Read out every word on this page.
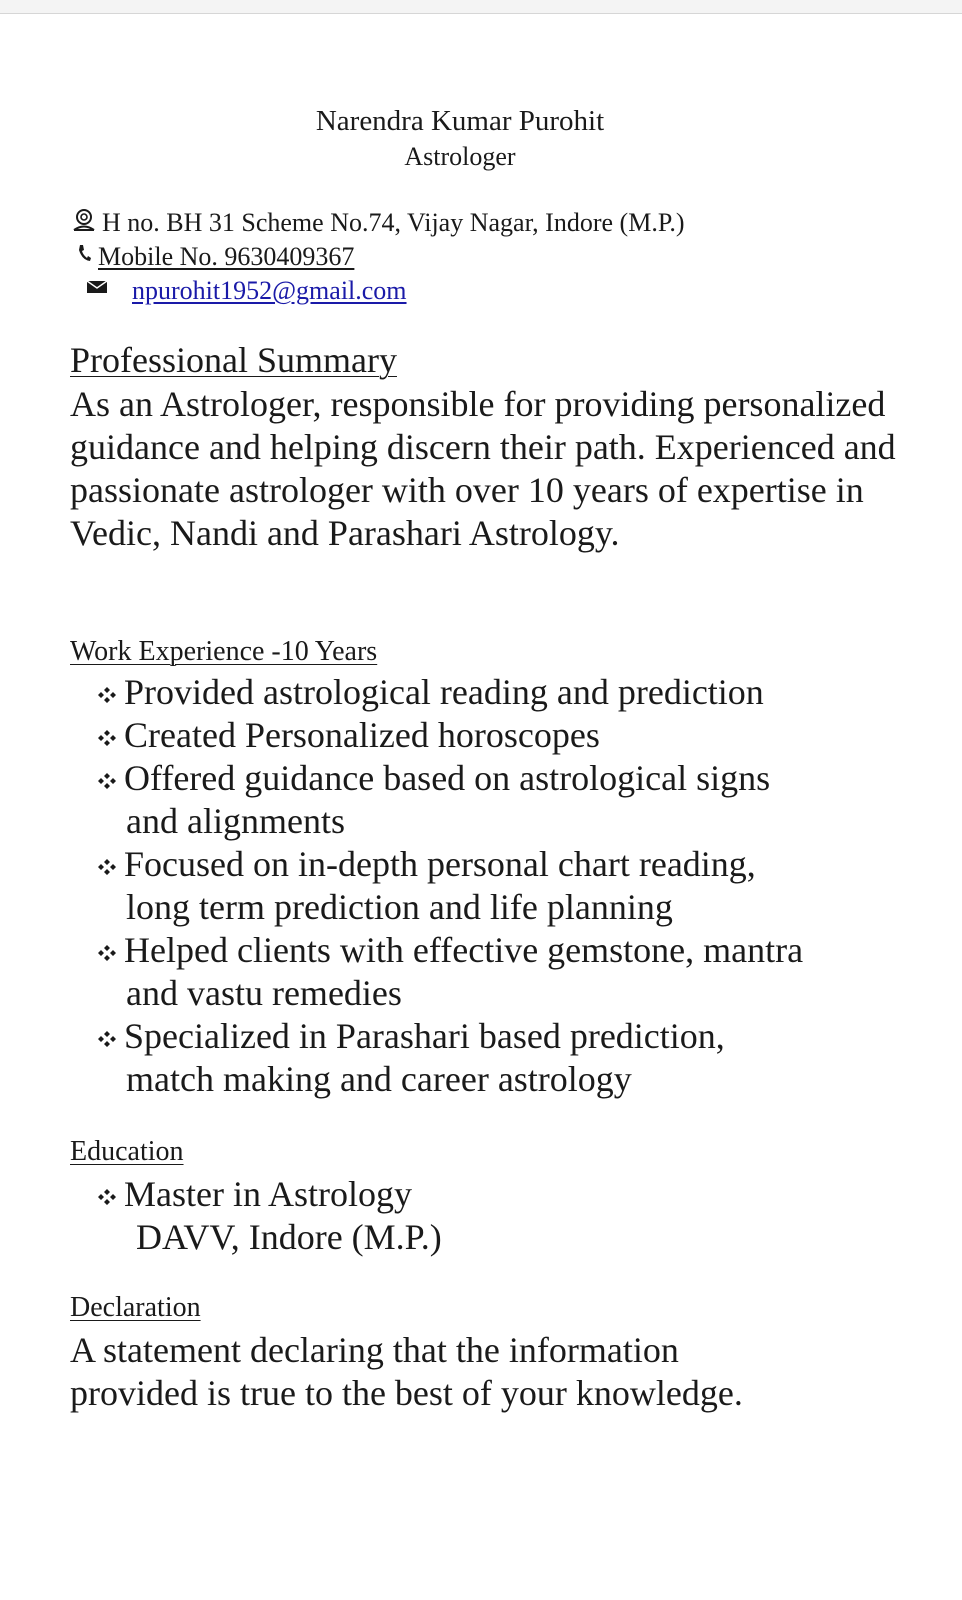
Narendra Kumar Purohit
Astrologer
H no. BH 31 Scheme No.74, Vijay Nagar, Indore (M.P.)
Mobile No. 9630409367
npurohit1952@gmail.com
Professional Summary

As an Astrologer, responsible for providing personalized guidance and helping discern their path. Experienced and passionate astrologer with over 10 years of expertise in Vedic, Nandi and Parashari Astrology.

Work Experience -10 Years
Provided astrological reading and prediction
Created Personalized horoscopes
Offered guidance based on astrological signs
and alignments
Focused on in-depth personal chart reading,
long term prediction and life planning
Helped clients with effective gemstone, mantra
and vastu remedies
Specialized in Parashari based prediction,
match making and career astrology
Education
Master in Astrology
DAVV, Indore (M.P.)
Declaration
A statement declaring that the information
provided is true to the best of your knowledge.
